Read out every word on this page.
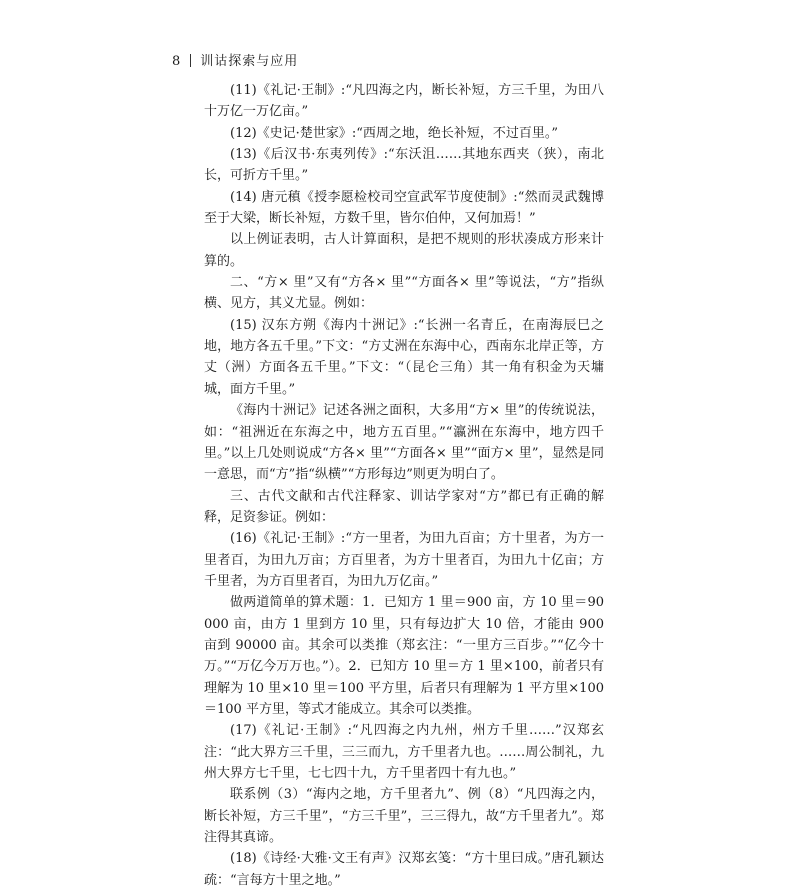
8 训诂探索与应用

(11)《礼记·王制》:“凡四海之内，断长补短，方三千里，为田八十万亿一万亿亩。”

(12)《史记·楚世家》:“西周之地，绝长补短，不过百里。”

(13)《后汉书·东夷列传》:“东沃沮……其地东西夹（狭），南北长，可折方千里。”

(14) 唐元稹《授李愿检校司空宣武军节度使制》:“然而灵武魏博至于大梁，断长补短，方数千里，皆尔伯仲，又何加焉！”

以上例证表明，古人计算面积，是把不规则的形状凑成方形来计算的。

二、“方× 里”又有“方各× 里”“方面各× 里”等说法，“方”指纵横、见方，其义尤显。例如：

(15) 汉东方朔《海内十洲记》:“长洲一名青丘，在南海辰巳之地，地方各五千里。”下文：“方丈洲在东海中心，西南东北岸正等，方丈（洲）方面各五千里。”下文：“（昆仑三角）其一角有积金为天墉城，面方千里。”

《海内十洲记》记述各洲之面积，大多用“方× 里”的传统说法，如：“祖洲近在东海之中，地方五百里。”“瀛洲在东海中，地方四千里。”以上几处则说成“方各× 里”“方面各× 里”“面方× 里”，显然是同一意思，而“方”指“纵横”“方形每边”则更为明白了。

三、古代文献和古代注释家、训诂学家对“方”都已有正确的解释，足资参证。例如：

(16)《礼记·王制》:“方一里者，为田九百亩；方十里者，为方一里者百，为田九万亩；方百里者，为方十里者百，为田九十亿亩；方千里者，为方百里者百，为田九万亿亩。”

做两道简单的算术题：1．已知方 1 里＝900 亩，方 10 里＝90000 亩，由方 1 里到方 10 里，只有每边扩大 10 倍，才能由 900 亩到 90000 亩。其余可以类推（郑玄注：“一里方三百步。”“亿今十万。”“万亿今万万也。”）。2．已知方 10 里＝方 1 里×100，前者只有理解为 10 里×10 里＝100 平方里，后者只有理解为 1 平方里×100＝100 平方里，等式才能成立。其余可以类推。

(17)《礼记·王制》:“凡四海之内九州，州方千里……”汉郑玄注：“此大界方三千里，三三而九，方千里者九也。……周公制礼，九州大界方七千里，七七四十九，方千里者四十有九也。”

联系例（3）“海内之地，方千里者九”、例（8）“凡四海之内，断长补短，方三千里”，“方三千里”，三三得九，故“方千里者九”。郑注得其真谛。

(18)《诗经·大雅·文王有声》汉郑玄笺：“方十里曰成。”唐孔颖达疏：“言每方十里之地。”
